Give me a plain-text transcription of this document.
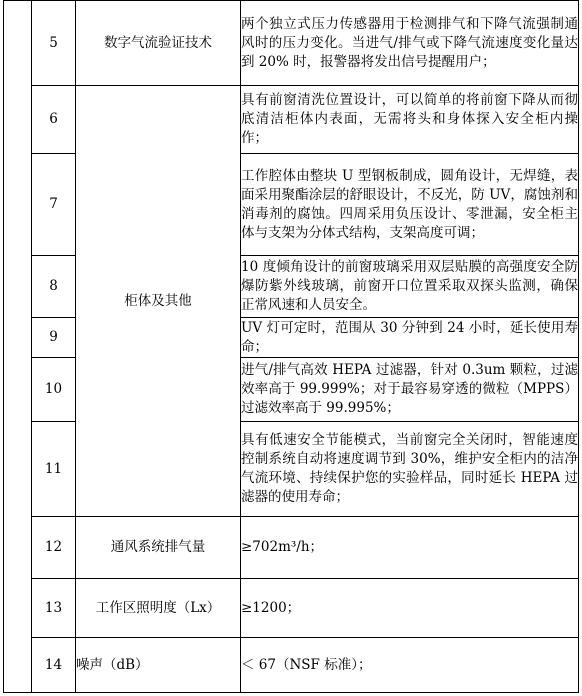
	5	数字气流验证技术	两个独立式压力传感器用于检测排气和下降气流强制通风时的压力变化。当进气/排气或下降气流速度变化量达到 20% 时，报警器将发出信号提醒用户；
	6	柜体及其他	具有前窗清洗位置设计，可以简单的将前窗下降从而彻底清洁柜体内表面，无需将头和身体探入安全柜内操作；
	7		工作腔体由整块 U 型钢板制成，圆角设计，无焊缝，表面采用聚酯涂层的舒眼设计，不反光，防 UV，腐蚀剂和消毒剂的腐蚀。四周采用负压设计、零泄漏，安全柜主体与支架为分体式结构，支架高度可调；
	8		10 度倾角设计的前窗玻璃采用双层贴膜的高强度安全防爆防紫外线玻璃，前窗开口位置采取双探头监测，确保正常风速和人员安全。
	9		UV 灯可定时，范围从 30 分钟到 24 小时，延长使用寿命；
	10		进气/排气高效 HEPA 过滤器，针对 0.3um 颗粒，过滤效率高于 99.999%；对于最容易穿透的微粒（MPPS）过滤效率高于 99.995%；
	11		具有低速安全节能模式，当前窗完全关闭时，智能速度控制系统自动将速度调节到 30%，维护安全柜内的洁净气流环境、持续保护您的实验样品，同时延长 HEPA 过滤器的使用寿命；
	12	通风系统排气量	≥702m³/h；
	13	工作区照明度（Lx）	≥1200；
	14	噪声（dB）	＜ 67（NSF 标准）；
